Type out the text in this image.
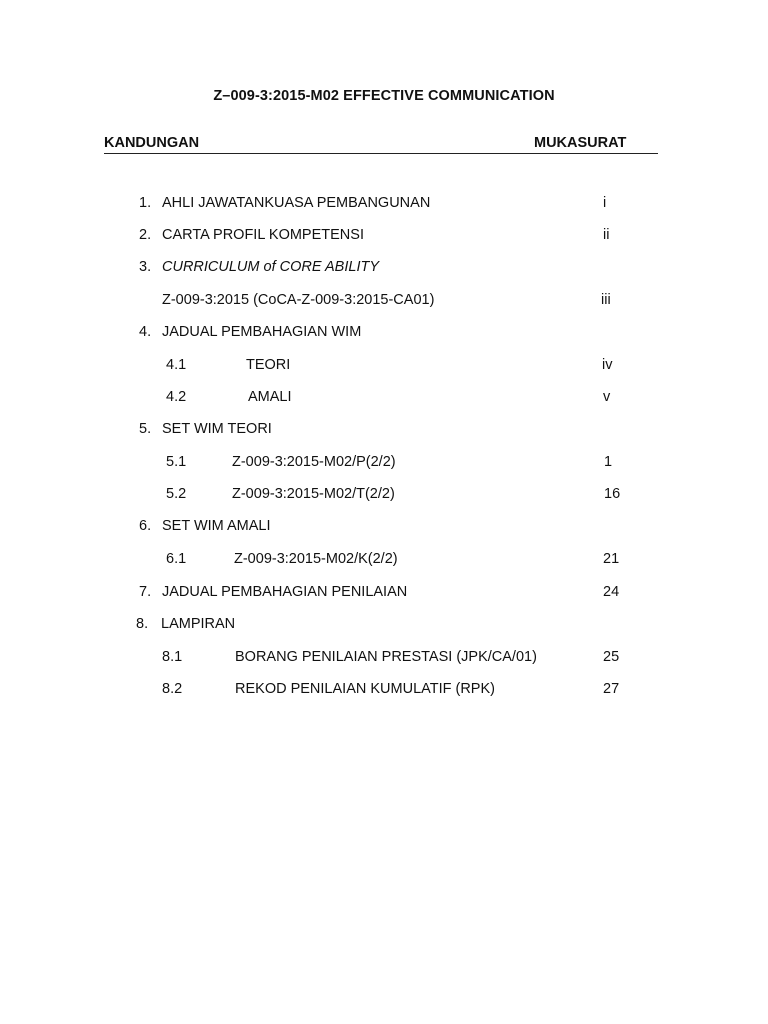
Z–009-3:2015-M02 EFFECTIVE COMMUNICATION
KANDUNGAN	MUKASURAT
1. AHLI JAWATANKUASA PEMBANGUNAN	i
2. CARTA PROFIL KOMPETENSI	ii
3. CURRICULUM of CORE ABILITY
Z-009-3:2015 (CoCA-Z-009-3:2015-CA01)	iii
4. JADUAL PEMBAHAGIAN WIM
4.1	TEORI	iv
4.2	AMALI	v
5. SET WIM TEORI
5.1	Z-009-3:2015-M02/P(2/2)	1
5.2	Z-009-3:2015-M02/T(2/2)	16
6. SET WIM AMALI
6.1	Z-009-3:2015-M02/K(2/2)	21
7. JADUAL PEMBAHAGIAN PENILAIAN	24
8. LAMPIRAN
8.1	BORANG PENILAIAN PRESTASI (JPK/CA/01)	25
8.2	REKOD PENILAIAN KUMULATIF (RPK)	27
